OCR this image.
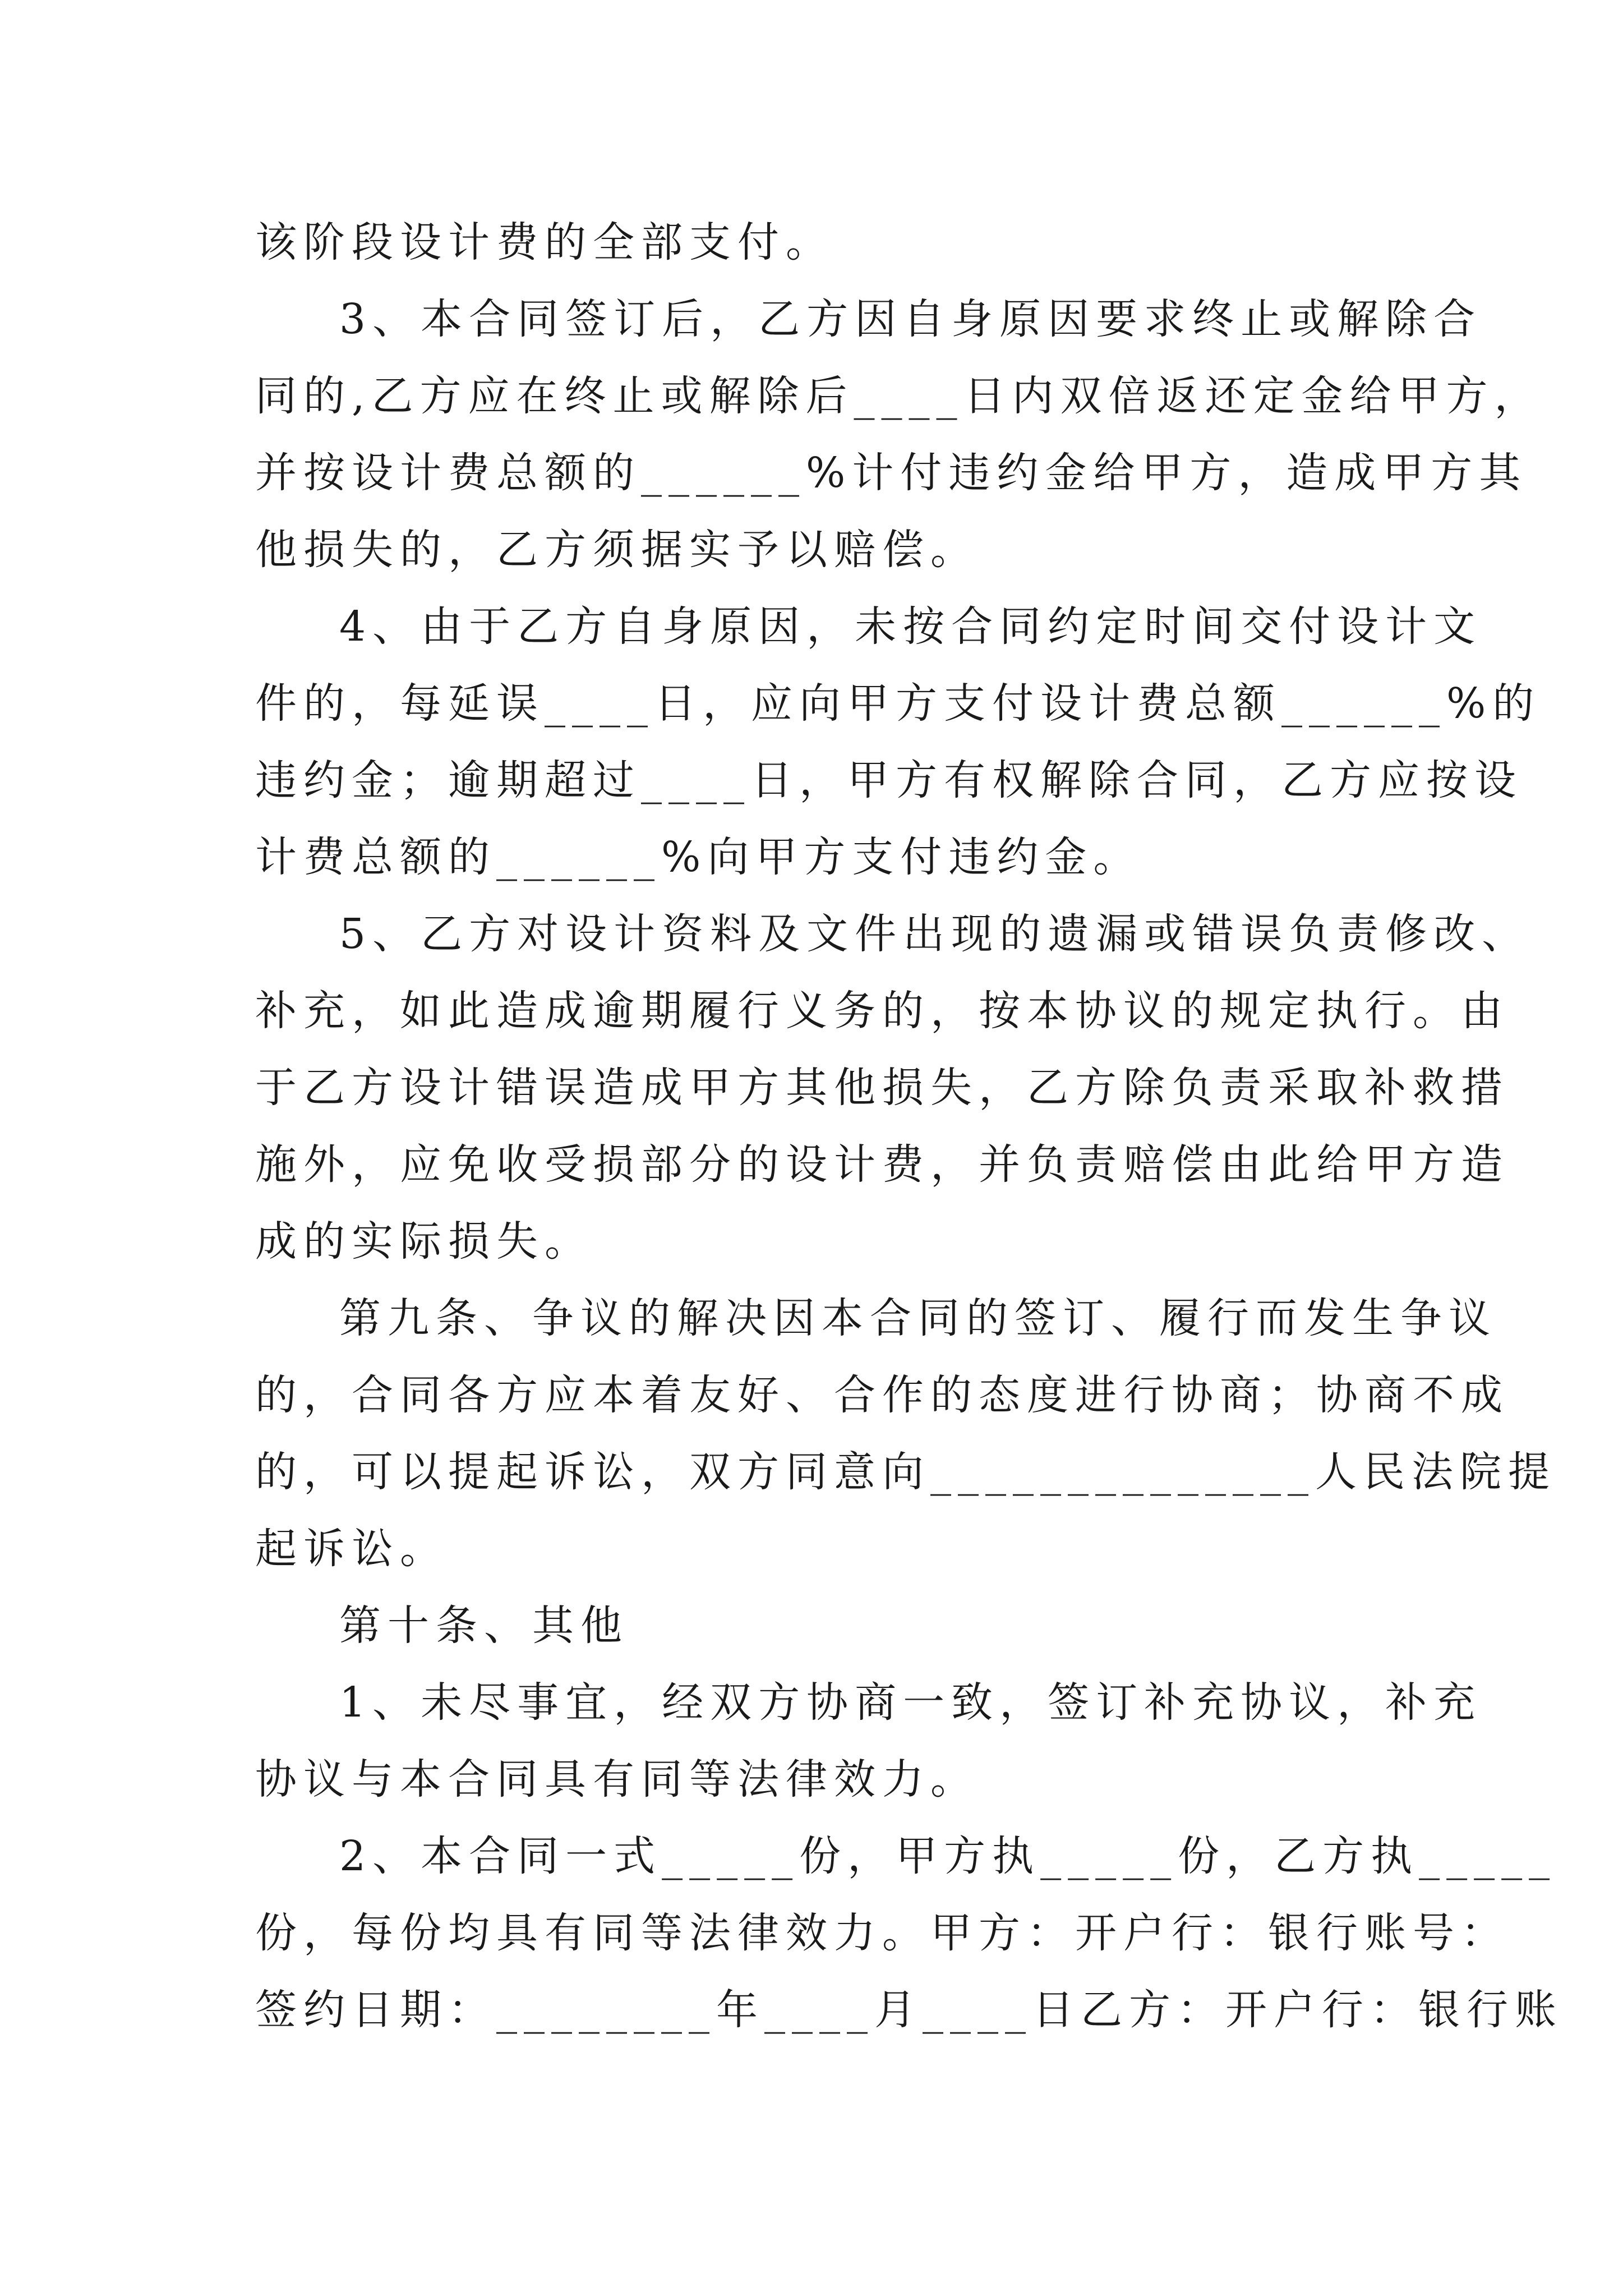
该阶段设计费的全部支付。
3、本合同签订后，乙方因自身原因要求终止或解除合
同的,乙方应在终止或解除后____日内双倍返还定金给甲方，
并按设计费总额的______%计付违约金给甲方，造成甲方其
他损失的，乙方须据实予以赔偿。
4、由于乙方自身原因，未按合同约定时间交付设计文
件的，每延误____日，应向甲方支付设计费总额______%的
违约金；逾期超过____日，甲方有权解除合同，乙方应按设
计费总额的______%向甲方支付违约金。
5、乙方对设计资料及文件出现的遗漏或错误负责修改、
补充，如此造成逾期履行义务的，按本协议的规定执行。由
于乙方设计错误造成甲方其他损失，乙方除负责采取补救措
施外，应免收受损部分的设计费，并负责赔偿由此给甲方造
成的实际损失。
第九条、争议的解决因本合同的签订、履行而发生争议
的，合同各方应本着友好、合作的态度进行协商；协商不成
的，可以提起诉讼，双方同意向______________人民法院提
起诉讼。
第十条、其他
1、未尽事宜，经双方协商一致，签订补充协议，补充
协议与本合同具有同等法律效力。
2、本合同一式_____份，甲方执_____份，乙方执_____
份，每份均具有同等法律效力。甲方：开户行：银行账号：
签约日期：________年____月____日乙方：开户行：银行账
